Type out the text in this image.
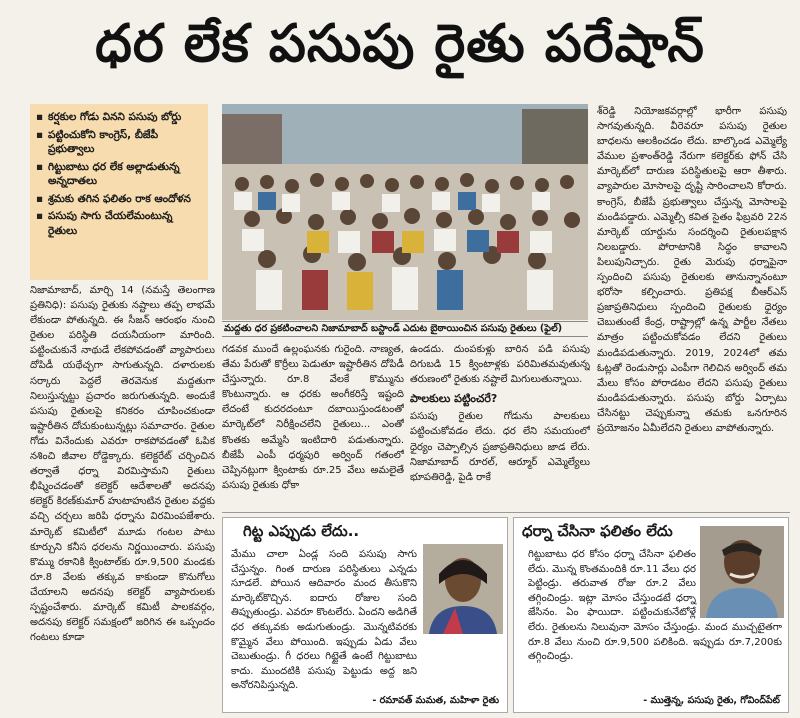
ధర లేక పసుపు రైతు పరేషాన్
▪ కర్షకుల గోడు వినని పసుపు బోర్డు
▪ పట్టించుకోని కాంగ్రెస్, బీజేపీ ప్రభుత్వాలు
▪ గిట్టుబాటు ధర లేక అల్లాడుతున్న అన్నదాతలు
▪ శ్రమకు తగిన ఫలితం రాక ఆందోళన
▪ పసుపు సాగు చేయలేమంటున్న రైతులు
మద్దతు ధర ప్రకటించాలని నిజామాబాద్ బస్టాండ్ ఎదుట బైఠాయించిన పసుపు రైతులు (ఫైల్)
నిజామాబాద్, మార్చి 14 (నమస్తే తెలంగాణ ప్రతినిధి): పసుపు రైతుకు నష్టాలు తప్ప లాభమే లేకుండా పోతున్నది. ఈ సీజన్ ఆరంభం నుంచి రైతుల పరిస్థితి దయనీయంగా మారింది. పట్టించుకునే నాథుడే లేకపోవడంతో వ్యాపారులు దోపిడీ యథేచ్ఛగా సాగుతున్నది. దళారులకు సర్కారు పెద్దలే తెరవెనుక మద్దతుగా నిలుస్తున్నట్టు ప్రచారం జరుగుతున్నది. అందుకే పసుపు రైతులపై కనికరం చూపించకుండా ఇష్టారీతిన దోచుకుంటున్నట్లు సమాచారం. రైతుల గోడు వినేందుకు ఎవరూ రాకపోవడంతో ఓపిక నశించి జీవాల రోడ్డెక్కారు. కలెక్టరేట్ చర్చించిన తర్వాతే ధర్నా విరమిస్తామని రైతులు భీష్మించడంతో కలెక్టర్ ఆదేశాలతో అదనపు కలెక్టర్ కిరణ్‌కుమార్ హుటాహుటిన రైతుల వద్దకు వచ్చి చర్చలు జరిపి ధర్నాను విరమింపజేశారు. మార్కెట్ కమిటీలో మూడు గంటల పాటు కూర్చుని కనీస ధరలను నిర్ణయించారు. పసుపు కొమ్ము రకానికి క్వింటాల్‌కు రూ.9,500 మండకు రూ.8 వేలకు తక్కువ కాకుండా కొనుగోలు చేయాలని అదనపు కలెక్టర్ వ్యాపారులకు స్పష్టంచేశారు. మార్కెట్ కమిటీ పాలకవర్గం, అదనపు కలెక్టర్ సమక్షంలో జరిగిన ఈ ఒప్పందం గంటలు కూడా
గడవక ముందే ఉల్లంఘనకు గురైంది. నాణ్యత, తేమ పేరుతో కొర్రీలు పెడుతూ ఇష్టారీతిన దోపిడీ చేస్తున్నారు. రూ.8 వేలకే కొమ్మును కొంటున్నారు. ఆ ధరకు అంగీకరిస్తే ఇష్టంది లేదంటే కుదరదంటూ దబాయిస్తుండటంతో మార్కెట్‌లో నిరీక్షించలేని రైతులు... ఎంతో కొంతకు అమ్మేసి ఇంటిదారి పడుతున్నారు. బీజేపీ ఎంపీ ధర్మపురి అర్వింద్ గతంలో చెప్పినట్లుగా క్వింటాకు రూ.25 వేలు అమలైతే పసుపు రైతుకు ధోకా
ఉండదు. దుంపకుళ్లు బారిన పడి పసుపు దిగుబడి 15 క్వింటాళ్లకు పరిమితమవుతున్న తరుణంలో రైతుకు నష్టాలే మిగులుతున్నాయి.
పాలకులు పట్టించరే?
పసుపు రైతుల గోడును పాలకులు పట్టించుకోవడం లేదు. ధర లేని సమయంలో ధైర్యం చెప్పాల్సిన ప్రజాప్రతినిధులు జాడ లేరు. నిజామాబాద్ రూరల్, ఆర్మూర్ ఎమ్మెల్యేలు భూపతిరెడ్డి, పైడి రాకే
శ్‌రెడ్డి నియోజకవర్గాల్లో భారీగా పసుపు సాగవుతున్నది. వీరెవరూ పసుపు రైతుల బాధలను ఆలకించడం లేదు. బాల్కొండ ఎమ్మెల్యే వేముల ప్రశాంత్‌రెడ్డి నేరుగా కలెక్టర్‌కు ఫోన్‌ చేసి మార్కెట్‌లో దారుణ పరిస్థితులపై ఆరా తీశారు. వ్యాపారుల మోసాలపై దృష్టి సారించాలని కోరారు. కాంగ్రెస్, బీజేపీ ప్రభుత్వాలు చేస్తున్న మోసాలపై మండిపడ్డారు. ఎమ్మెల్సీ కవిత సైతం ఫిబ్రవరి 22న మార్కెట్ యార్డును సందర్శించి రైతులపక్షాన నిలబడ్డారు. పోరాటానికి సిద్ధం కావాలని పిలుపునిచ్చారు. రైతు మెరుపు ధర్నాపైనా స్పందించి పసుపు రైతులకు తానున్నానంటూ భరోసా కల్పించారు. ప్రతిపక్ష బీఆర్ఎస్ ప్రజాప్రతినిధులు స్పందించి రైతులకు ధైర్యం చెబుతుంటే కేంద్ర, రాష్ట్రాల్లో ఉన్న పార్టీల నేతలు మాత్రం పట్టించుకోవడం లేదని రైతులు మండిపడుతున్నారు. 2019, 2024లో తమ ఓట్లతో రెండుసార్లు ఎంపీగా గెలిచిన అర్వింద్ తమ మేలు కోసం పోరాడటం లేదని పసుపు రైతులు మండిపడుతున్నారు. పసుపు బోర్డు ఏర్పాటు చేసినట్టు చెప్పుకున్నా తమకు ఒనగూరిన ప్రయోజనం ఏమీలేదని రైతులు వాపోతున్నారు.
గిట్ట ఎప్పుడు లేదు..
మేము చాలా ఏండ్ల సంది పసుపు సాగు చేస్తున్నం. గింత దారుణ పరిస్థితులు ఎన్నడు సూడలే. పోయిన ఆదివారం మంద తీసుకొని మార్కెట్‌కొచ్చిన. ఐదారు రోజుల సంది తిప్పుతుండ్రు. ఎవరూ కొంటలేరు. ఏందని అడిగితే ధర తక్కువకు అడుగుతుండ్రు. మొన్నటివరకు కొమ్మైన వేలు పోయింది. ఇప్పుడు ఏడు వేలు చెబుతుండ్రు. గీ ధరలు గిట్టైతే ఉంటే గిట్టుబాటు కాదు. ముందటికి పసుపు పెట్టుడు అద్ద జని అనోరనిపిస్తున్నది.
- రమావత్ మమత, మహిళా రైతు
ధర్నా చేసినా ఫలితం లేదు
గిట్టుబాటు ధర కోసం ధర్నా చేసినా ఫలితం లేదు. మొన్న కొంతమందికి రూ.11 వేలు ధర పెట్టిండ్రు. తరువాత రోజు రూ.2 వేలు తగ్గించిండ్రు. ఇట్లా మోసం చేస్తుండటే ధర్నా జేసినం. ఏం ఫాయిదా. పట్టించుకునేటోళ్లే లేరు. రైతులను నిలువునా మోసం చేస్తుండ్రు. మంద ముచ్చటైతగా రూ.8 వేలు నుంచి రూ.9,500 పలికింది. ఇప్పుడు రూ.7,200కు తగ్గించిండ్రు.
- ముత్తెన్న, పసుపు రైతు, గోవింద్‌పేట్
